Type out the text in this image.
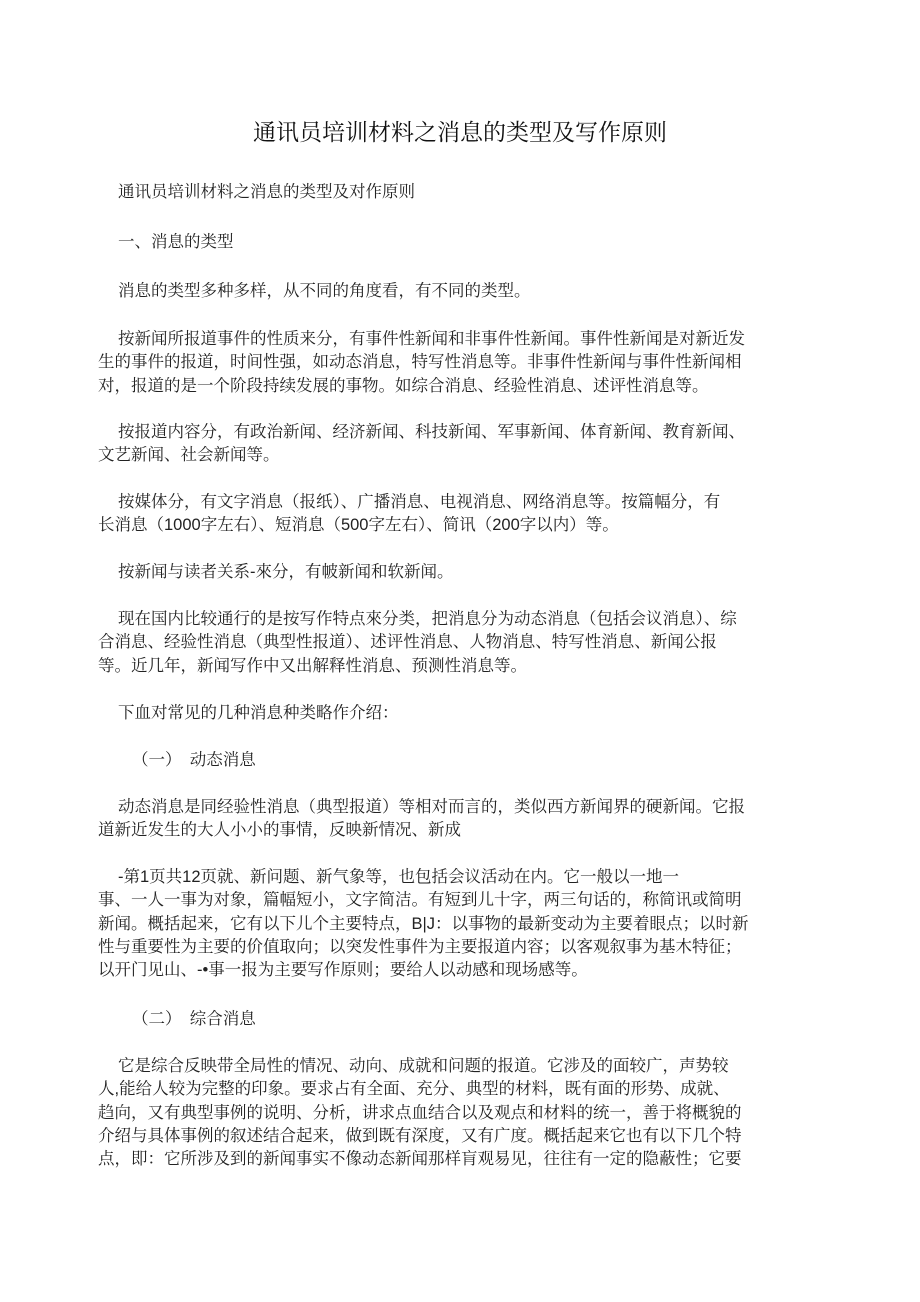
通讯员培训材料之消息的类型及写作原则
通讯员培训材料之消息的类型及对作原则
一、消息的类型
消息的类型多种多样，从不同的角度看，有不同的类型。
按新闻所报道事件的性质来分，有事件性新闻和非事件性新闻。事件性新闻是对新近发
生的事件的报道，时间性强，如动态消息，特写性消息等。非事件性新闻与事件性新闻相
对，报道的是一个阶段持续发展的事物。如综合消息、经验性消息、述评性消息等。
按报道内容分，有政治新闻、经济新闻、科技新闻、军事新闻、体育新闻、教育新闻、
文艺新闻、社会新闻等。
按媒体分，有文字消息（报纸）、广播消息、电视消息、网络消息等。按篇幅分，有
长消息（1000字左右）、短消息（500字左右）、简讯（200字以内）等。
按新闻与读者关系-來分，有帔新闻和软新闻。
现在国内比较通行的是按写作特点來分类，把消息分为动态消息（包括会议消息）、综
合消息、经验性消息（典型性报道）、述评性消息、人物消息、特写性消息、新闻公报
等。近几年，新闻写作中又出解释性消息、预测性消息等。
下血对常见的几种消息种类略作介绍：
（一）　动态消息
动态消息是同经验性消息（典型报道）等相对而言的，类似西方新闻界的硬新闻。它报
道新近发生的大人小小的事情，反映新情况、新成
-第1页共12页就、新问题、新气象等，也包括会议活动在内。它一般以一地一
事、一人一事为对象，篇幅短小，文字简洁。有短到儿十字，两三句话的，称简讯或简明
新闻。概括起来，它有以下儿个主要特点，B|J：以事物的最新变动为主要着眼点；以时新
性与重要性为主要的价值取向；以突发性事件为主要报道内容；以客观叙事为基木特征；
以开门见山、-•事一报为主要写作原则；要给人以动感和现场感等。
（二）　综合消息
它是综合反映带全局性的情况、动向、成就和问题的报道。它涉及的面较广，声势较
人,能给人较为完整的印象。要求占有全面、充分、典型的材料，既有面的形势、成就、
趋向，又有典型事例的说明、分析，讲求点血结合以及观点和材料的统一，善于将概貌的
介绍与具体事例的叙述结合起来，做到既有深度，又有广度。概括起来它也有以下几个特
点，即：它所涉及到的新闻事实不像动态新闻那样肓观易见，往往有一定的隐蔽性；它要
